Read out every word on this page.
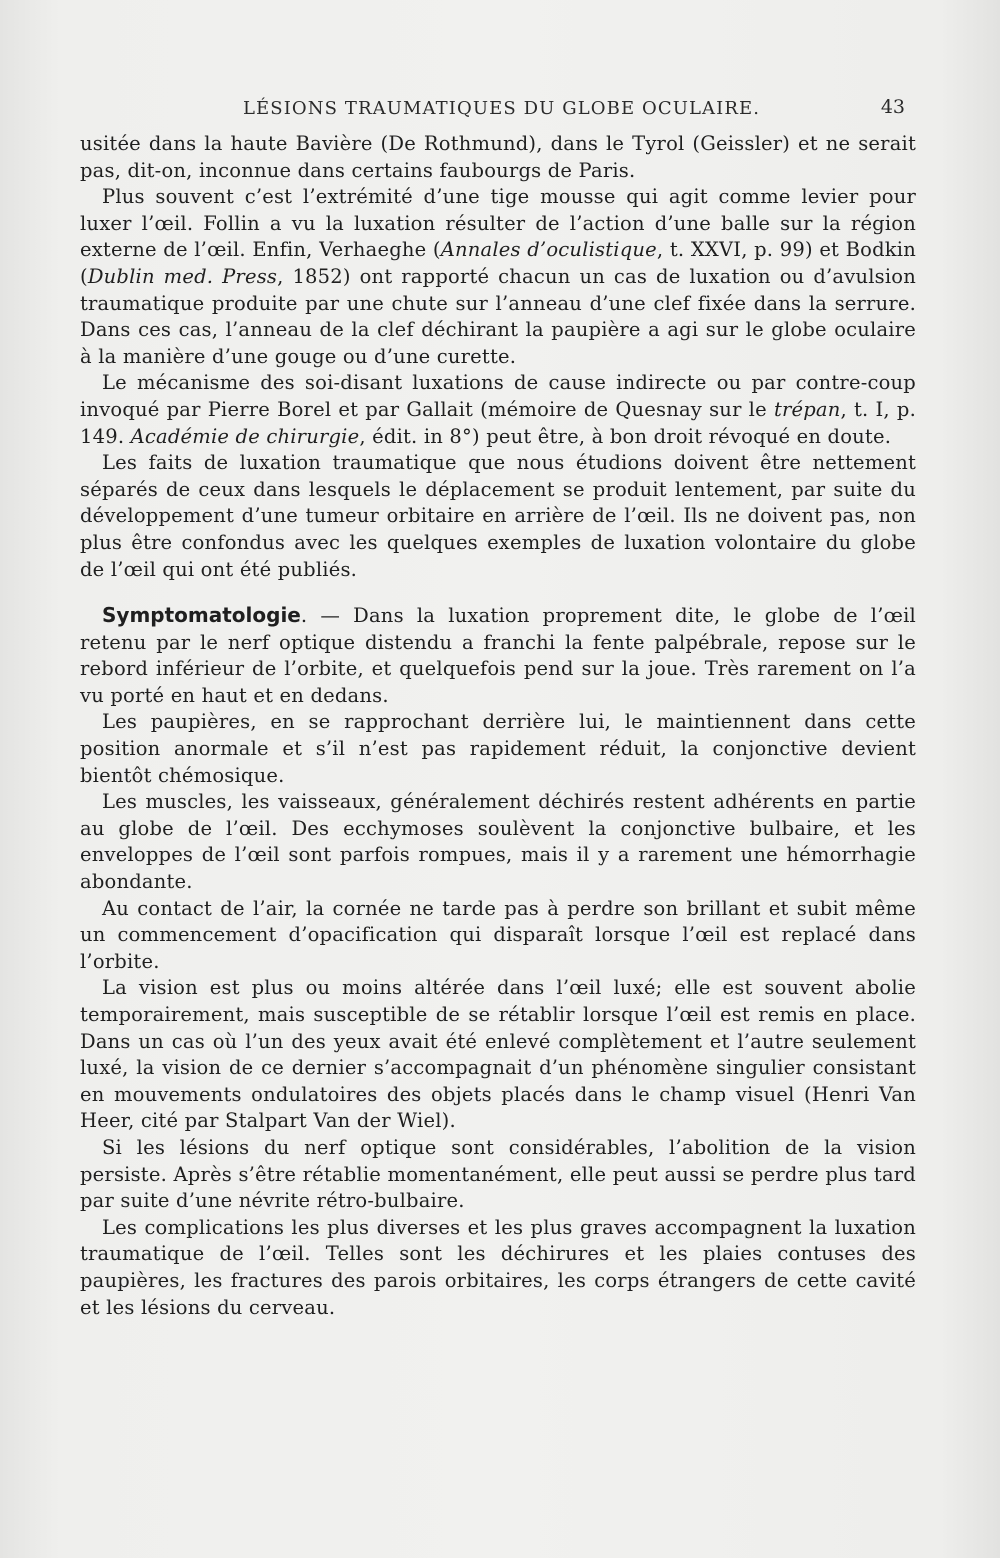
LÉSIONS TRAUMATIQUES DU GLOBE OCULAIRE.	43

usitée dans la haute Bavière (De Rothmund), dans le Tyrol (Geissler) et ne serait pas, dit-on, inconnue dans certains faubourgs de Paris.

Plus souvent c’est l’extrémité d’une tige mousse qui agit comme levier pour luxer l’œil. Follin a vu la luxation résulter de l’action d’une balle sur la région externe de l’œil. Enfin, Verhaeghe (Annales d’oculistique, t. XXVI, p. 99) et Bodkin (Dublin med. Press, 1852) ont rapporté chacun un cas de luxation ou d’avulsion traumatique produite par une chute sur l’anneau d’une clef fixée dans la serrure. Dans ces cas, l’anneau de la clef déchirant la paupière a agi sur le globe oculaire à la manière d’une gouge ou d’une curette.

Le mécanisme des soi-disant luxations de cause indirecte ou par contre-coup invoqué par Pierre Borel et par Gallait (mémoire de Quesnay sur le trépan, t. I, p. 149. Académie de chirurgie, édit. in 8°) peut être, à bon droit révoqué en doute.

Les faits de luxation traumatique que nous étudions doivent être nettement séparés de ceux dans lesquels le déplacement se produit lentement, par suite du développement d’une tumeur orbitaire en arrière de l’œil. Ils ne doivent pas, non plus être confondus avec les quelques exemples de luxation volontaire du globe de l’œil qui ont été publiés.

Symptomatologie. — Dans la luxation proprement dite, le globe de l’œil retenu par le nerf optique distendu a franchi la fente palpébrale, repose sur le rebord inférieur de l’orbite, et quelquefois pend sur la joue. Très rarement on l’a vu porté en haut et en dedans.

Les paupières, en se rapprochant derrière lui, le maintiennent dans cette position anormale et s’il n’est pas rapidement réduit, la conjonctive devient bientôt chémosique.

Les muscles, les vaisseaux, généralement déchirés restent adhérents en partie au globe de l’œil. Des ecchymoses soulèvent la conjonctive bulbaire, et les enveloppes de l’œil sont parfois rompues, mais il y a rarement une hémorrhagie abondante.

Au contact de l’air, la cornée ne tarde pas à perdre son brillant et subit même un commencement d’opacification qui disparaît lorsque l’œil est replacé dans l’orbite.

La vision est plus ou moins altérée dans l’œil luxé; elle est souvent abolie temporairement, mais susceptible de se rétablir lorsque l’œil est remis en place. Dans un cas où l’un des yeux avait été enlevé complètement et l’autre seulement luxé, la vision de ce dernier s’accompagnait d’un phénomène singulier consistant en mouvements ondulatoires des objets placés dans le champ visuel (Henri Van Heer, cité par Stalpart Van der Wiel).

Si les lésions du nerf optique sont considérables, l’abolition de la vision persiste. Après s’être rétablie momentanément, elle peut aussi se perdre plus tard par suite d’une névrite rétro-bulbaire.

Les complications les plus diverses et les plus graves accompagnent la luxation traumatique de l’œil. Telles sont les déchirures et les plaies contuses des paupières, les fractures des parois orbitaires, les corps étrangers de cette cavité et les lésions du cerveau.
